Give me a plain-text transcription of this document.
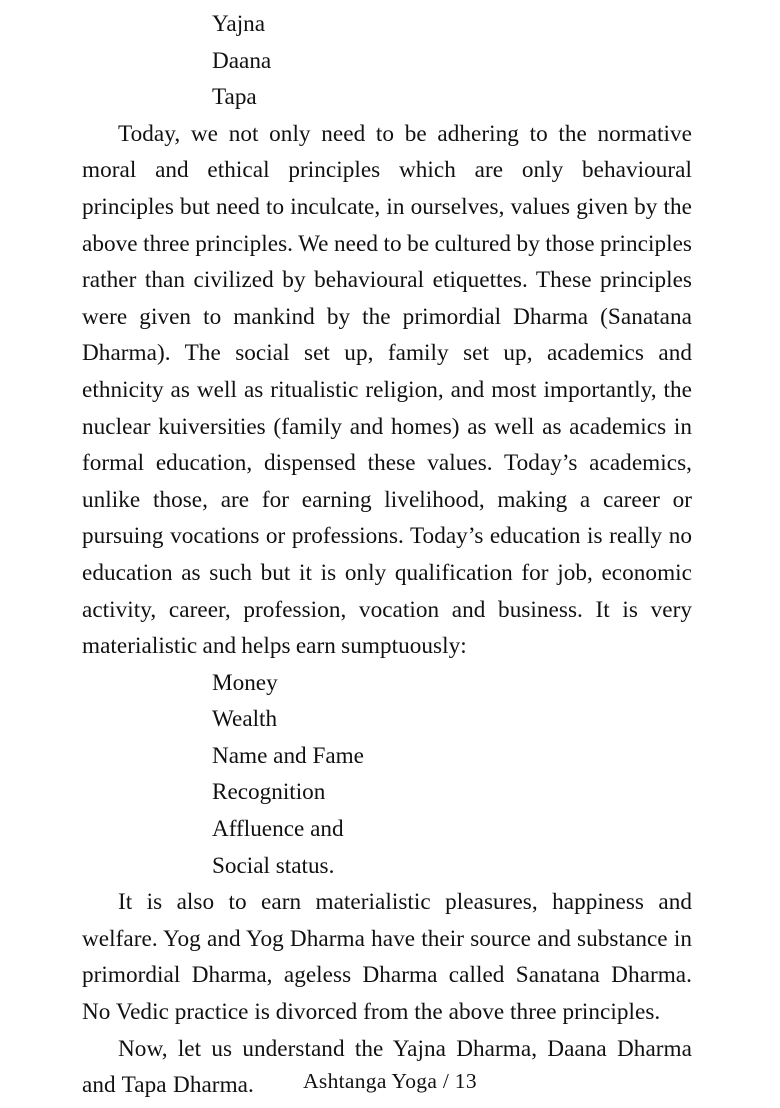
Yajna
Daana
Tapa

Today, we not only need to be adhering to the normative moral and ethical principles which are only behavioural principles but need to inculcate, in ourselves, values given by the above three principles. We need to be cultured by those principles rather than civilized by behavioural etiquettes. These principles were given to mankind by the primordial Dharma (Sanatana Dharma). The social set up, family set up, academics and ethnicity as well as ritualistic religion, and most importantly, the nuclear kuiversities (family and homes) as well as academics in formal education, dispensed these values. Today’s academics, unlike those, are for earning livelihood, making a career or pursuing vocations or professions. Today’s education is really no education as such but it is only qualification for job, economic activity, career, profession, vocation and business. It is very materialistic and helps earn sumptuously:

Money
Wealth
Name and Fame
Recognition
Affluence and
Social status.

It is also to earn materialistic pleasures, happiness and welfare. Yog and Yog Dharma have their source and substance in primordial Dharma, ageless Dharma called Sanatana Dharma. No Vedic practice is divorced from the above three principles.

Now, let us understand the Yajna Dharma, Daana Dharma and Tapa Dharma.	Ashtanga Yoga / 13
